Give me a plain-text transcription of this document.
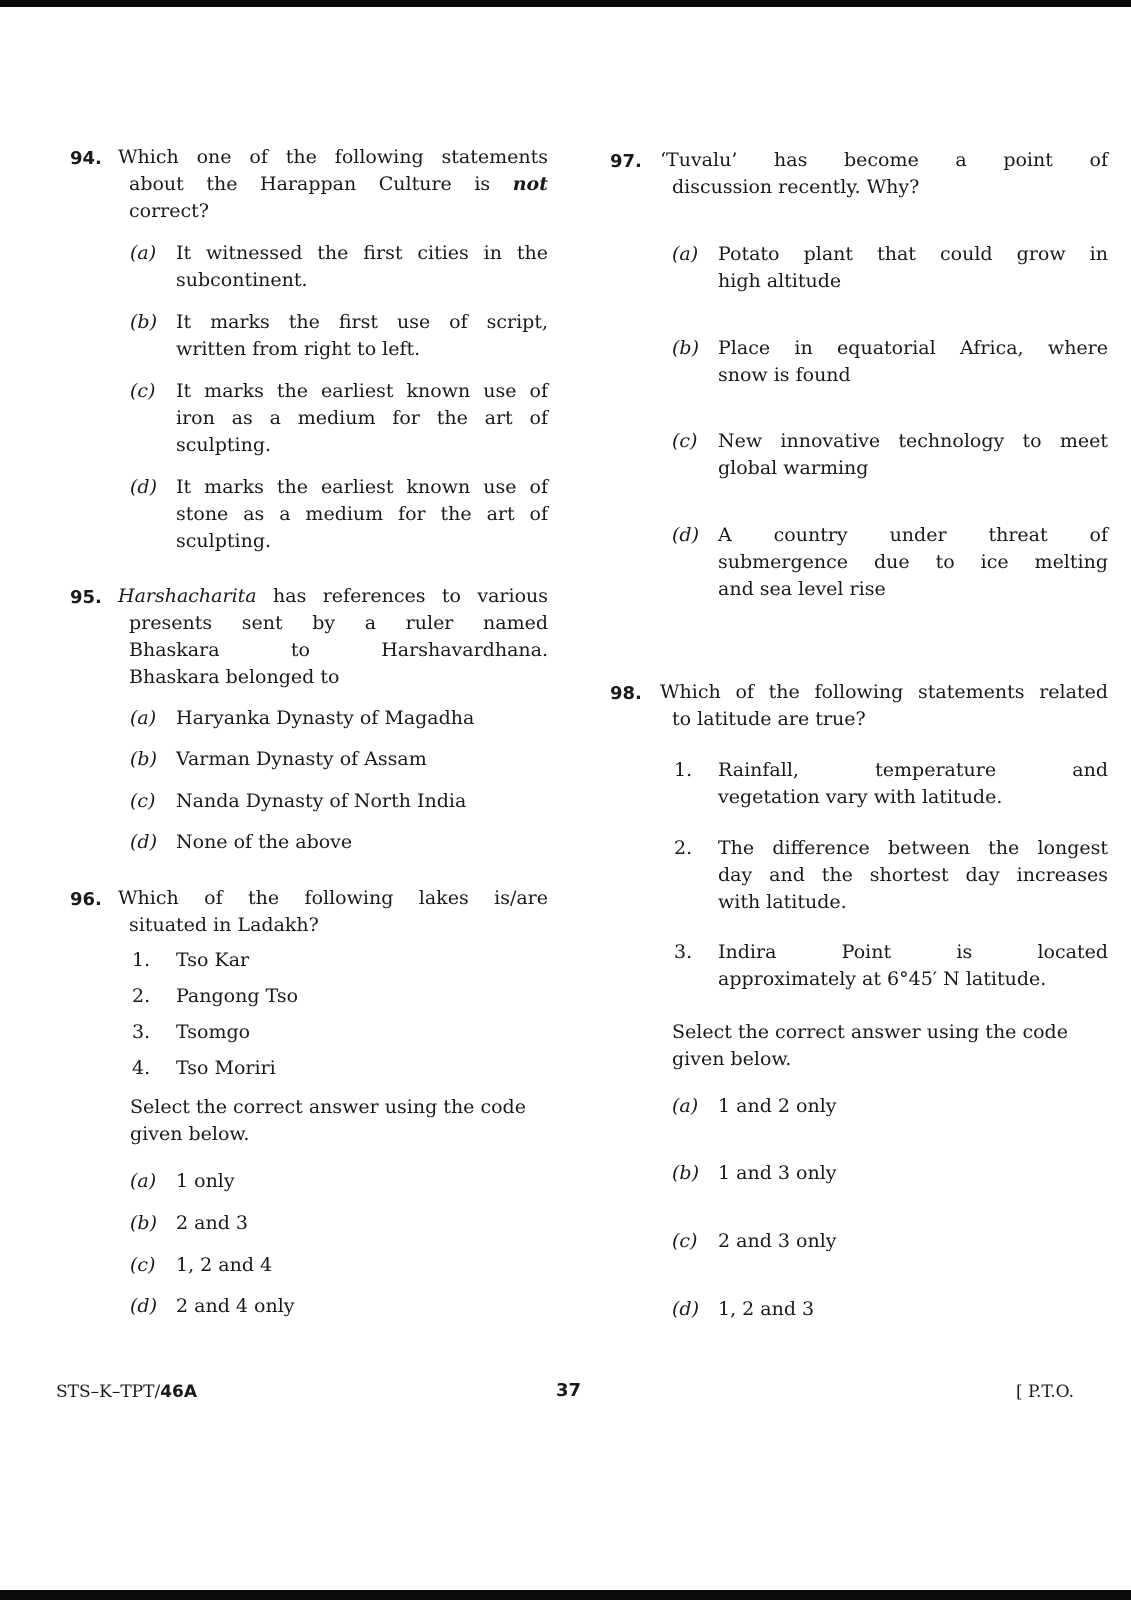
94. Which one of the following statements
about the Harappan Culture is not
correct?
(a) It witnessed the first cities in the
subcontinent.
(b) It marks the first use of script,
written from right to left.
(c) It marks the earliest known use of
iron as a medium for the art of
sculpting.
(d) It marks the earliest known use of
stone as a medium for the art of
sculpting.
95. Harshacharita has references to various
presents sent by a ruler named
Bhaskara to Harshavardhana.
Bhaskara belonged to
(a) Haryanka Dynasty of Magadha
(b) Varman Dynasty of Assam
(c) Nanda Dynasty of North India
(d) None of the above
96. Which of the following lakes is/are
situated in Ladakh?
1. Tso Kar
2. Pangong Tso
3. Tsomgo
4. Tso Moriri
Select the correct answer using the code
given below.
(a) 1 only
(b) 2 and 3
(c) 1, 2 and 4
(d) 2 and 4 only
97. ‘Tuvalu’ has become a point of
discussion recently. Why?
(a) Potato plant that could grow in
high altitude
(b) Place in equatorial Africa, where
snow is found
(c) New innovative technology to meet
global warming
(d) A country under threat of
submergence due to ice melting
and sea level rise
98. Which of the following statements related
to latitude are true?
1. Rainfall, temperature and
vegetation vary with latitude.
2. The difference between the longest
day and the shortest day increases
with latitude.
3. Indira Point is located
approximately at 6°45′ N latitude.
Select the correct answer using the code
given below.
(a) 1 and 2 only
(b) 1 and 3 only
(c) 2 and 3 only
(d) 1, 2 and 3
STS–K–TPT/46A	37	[ P.T.O.
